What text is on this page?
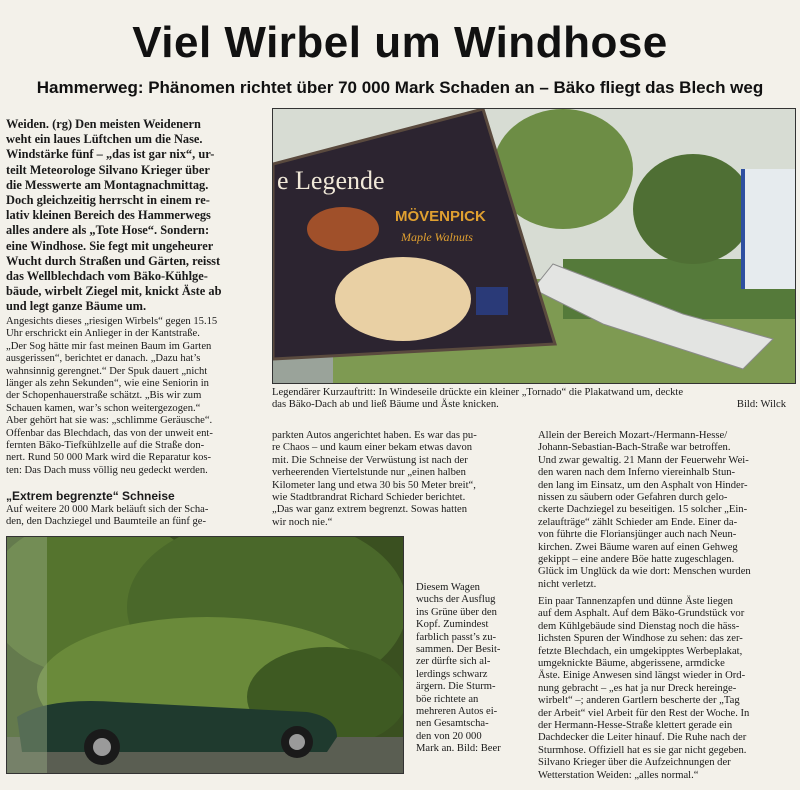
Viel Wirbel um Windhose
Hammerweg: Phänomen richtet über 70 000 Mark Schaden an – Bäko fliegt das Blech weg
Weiden. (rg) Den meisten Weidenern
weht ein laues Lüftchen um die Nase.
Windstärke fünf – „das ist gar nix“, ur-
teilt Meteorologe Silvano Krieger über
die Messwerte am Montagnachmittag.
Doch gleichzeitig herrscht in einem re-
lativ kleinen Bereich des Hammerwegs
alles andere als „Tote Hose“. Sondern:
eine Windhose. Sie fegt mit ungeheurer
Wucht durch Straßen und Gärten, reisst
das Wellblechdach vom Bäko-Kühlge-
bäude, wirbelt Ziegel mit, knickt Äste ab
und legt ganze Bäume um.
Angesichts dieses „riesigen Wirbels“ gegen 15.15
Uhr erschrickt ein Anlieger in der Kantstraße.
„Der Sog hätte mir fast meinen Baum im Garten
ausgerissen“, berichtet er danach. „Dazu hat’s
wahnsinnig gerengnet.“ Der Spuk dauert „nicht
länger als zehn Sekunden“, wie eine Seniorin in
der Schopenhauerstraße schätzt. „Bis wir zum
Schauen kamen, war’s schon weitergezogen.“
Aber gehört hat sie was: „schlimme Geräusche“.
Offenbar das Blechdach, das von der unweit ent-
fernten Bäko-Tiefkühlzelle auf die Straße don-
nert. Rund 50 000 Mark wird die Reparatur kos-
ten: Das Dach muss völlig neu gedeckt werden.
„Extrem begrenzte“ Schneise
Auf weitere 20 000 Mark beläuft sich der Scha-
den, den Dachziegel und Baumteile an fünf ge-
e Legende
MÖVENPICK
Maple Walnuts
Legendärer Kurzauftritt: In Windeseile drückte ein kleiner „Tornado“ die Plakatwand um, deckte
das Bäko-Dach ab und ließ Bäume und Äste knicken.	Bild: Wilck
parkten Autos angerichtet haben. Es war das pu-
re Chaos – und kaum einer bekam etwas davon
mit. Die Schneise der Verwüstung ist nach der
verheerenden Viertelstunde nur „einen halben
Kilometer lang und etwa 30 bis 50 Meter breit“,
wie Stadtbrandrat Richard Schieder berichtet.
„Das war ganz extrem begrenzt. Sowas hatten
wir noch nie.“
Allein der Bereich Mozart-/Hermann-Hesse/
Johann-Sebastian-Bach-Straße war betroffen.
Und zwar gewaltig. 21 Mann der Feuerwehr Wei-
den waren nach dem Inferno viereinhalb Stun-
den lang im Einsatz, um den Asphalt von Hinder-
nissen zu säubern oder Gefahren durch gelo-
ckerte Dachziegel zu beseitigen. 15 solcher „Ein-
zelaufträge“ zählt Schieder am Ende. Einer da-
von führte die Floriansjünger auch nach Neun-
kirchen. Zwei Bäume waren auf einen Gehweg
gekippt – eine andere Böe hatte zugeschlagen.
Glück im Unglück da wie dort: Menschen wurden
nicht verletzt.
Ein paar Tannenzapfen und dünne Äste liegen
auf dem Asphalt. Auf dem Bäko-Grundstück vor
dem Kühlgebäude sind Dienstag noch die häss-
lichsten Spuren der Windhose zu sehen: das zer-
fetzte Blechdach, ein umgekipptes Werbeplakat,
umgeknickte Bäume, abgerissene, armdicke
Äste. Einige Anwesen sind längst wieder in Ord-
nung gebracht – „es hat ja nur Dreck hereinge-
wirbelt“ –; anderen Gartlern bescherte der „Tag
der Arbeit“ viel Arbeit für den Rest der Woche. In
der Hermann-Hesse-Straße klettert gerade ein
Dachdecker die Leiter hinauf. Die Ruhe nach der
Sturmhose. Offiziell hat es sie gar nicht gegeben.
Silvano Krieger über die Aufzeichnungen der
Wetterstation Weiden: „alles normal.“
Diesem Wagen
wuchs der Ausflug
ins Grüne über den
Kopf. Zumindest
farblich passt’s zu-
sammen. Der Besit-
zer dürfte sich al-
lerdings schwarz
ärgern. Die Sturm-
böe richtete an
mehreren Autos ei-
nen Gesamtscha-
den von 20 000
Mark an. Bild: Beer
